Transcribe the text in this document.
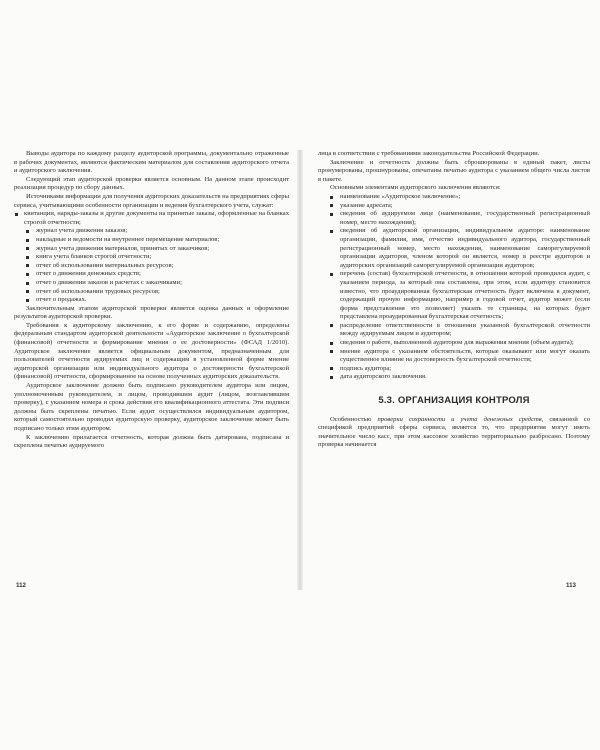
Выводы аудитора по каждому разделу аудиторской программы, документально отраженные в рабочих документах, являются фактическим материалом для составления аудиторского отчета и аудиторского заключения.

Следующий этап аудиторской проверки является основным. На данном этапе происходит реализация процедур по сбору данных.

Источниками информации для получения аудиторских доказательств на предприятиях сферы сервиса, учитывающими особенности организации и ведения бухгалтерского учета, служат:

квитанции, наряды-заказы и другие документы на принятые заказы, оформленные на бланках строгой отчетности;
журнал учета движения заказов;
накладные и ведомости на внутреннее перемещение материалов;
журнал учета движения материалов, принятых от заказчиков;
книга учета бланков строгой отчетности;
отчет об использовании материальных ресурсов;
отчет о движении денежных средств;
отчет о движении заказов и расчетах с заказчиками;
отчет об использовании трудовых ресурсов;
отчет о продажах.

Заключительным этапом аудиторской проверки является оценка данных и оформление результатов аудиторской проверки.

Требования к аудиторскому заключению, к его форме и содержанию, определены федеральным стандартом аудиторской деятельности «Аудиторское заключение о бухгалтерской (финансовой) отчетности и формирование мнения о ее достоверности» (ФСАД 1/2010). Аудиторское заключение является официальным документом, предназначенным для пользователей отчетности аудируемых лиц и содержащим в установленной форме мнение аудиторской организации или индивидуального аудитора о достоверности бухгалтерской (финансовой) отчетности, сформированное на основе полученных аудиторских доказательств.

Аудиторское заключение должно быть подписано руководителем аудитора или лицом, уполномоченным руководителем, и лицом, проводившим аудит (лицом, возглавлявшим проверку), с указанием номера и срока действия его квалификационного аттестата. Эти подписи должны быть скреплены печатью. Если аудит осуществлялся индивидуальным аудитором, который самостоятельно проводил аудиторскую проверку, аудиторское заключение может быть подписано только этим аудитором.

К заключению прилагается отчетность, которая должна быть датирована, подписана и скреплена печатью аудируемого

112

лица в соответствии с требованиями законодательства Российской Федерации.

Заключение и отчетность должны быть сброшюрованы в единый пакет, листы пронумерованы, прошнурованы, опечатаны печатью аудитора с указанием общего числа листов в пакете.

Основными элементами аудиторского заключения являются:

наименование «Аудиторское заключение»;
указание адресата;
сведения об аудируемом лице (наименование, государственный регистрационный номер, место нахождения);
сведения об аудиторской организации, индивидуальном аудиторе: наименование организации, фамилия, имя, отчество индивидуального аудитора, государственный регистрационный номер, место нахождения, наименование саморегулируемой организации аудиторов, членом которой он является, номер в реестре аудиторов и аудиторских организаций саморегулируемой организации аудиторов;
перечень (состав) бухгалтерской отчетности, в отношении которой проводился аудит, с указанием периода, за который она составлена, при этом, если аудитору становится известно, что проаудированная бухгалтерская отчетность будет включена в документ, содержащий прочую информацию, например в годовой отчет, аудитор может (если форма представления это позволяет) указать те страницы, на которых будет представлена проаудированная бухгалтерская отчетность;
распределение ответственности в отношении указанной бухгалтерской отчетности между аудируемым лицом и аудитором;
сведения о работе, выполненной аудитором для выражения мнения (объем аудита);
мнение аудитора с указанием обстоятельств, которые оказывают или могут оказать существенное влияние на достоверность бухгалтерской отчетности;
подпись аудитора;
дата аудиторского заключения.
5.3. ОРГАНИЗАЦИЯ КОНТРОЛЯ

Особенностью проверки сохранности и учета денежных средств, связанной со спецификой предприятий сферы сервиса, является то, что предприятия могут иметь значительное число касс, при этом кассовое хозяйство территориально разбросано. Поэтому проверка начинается

113
